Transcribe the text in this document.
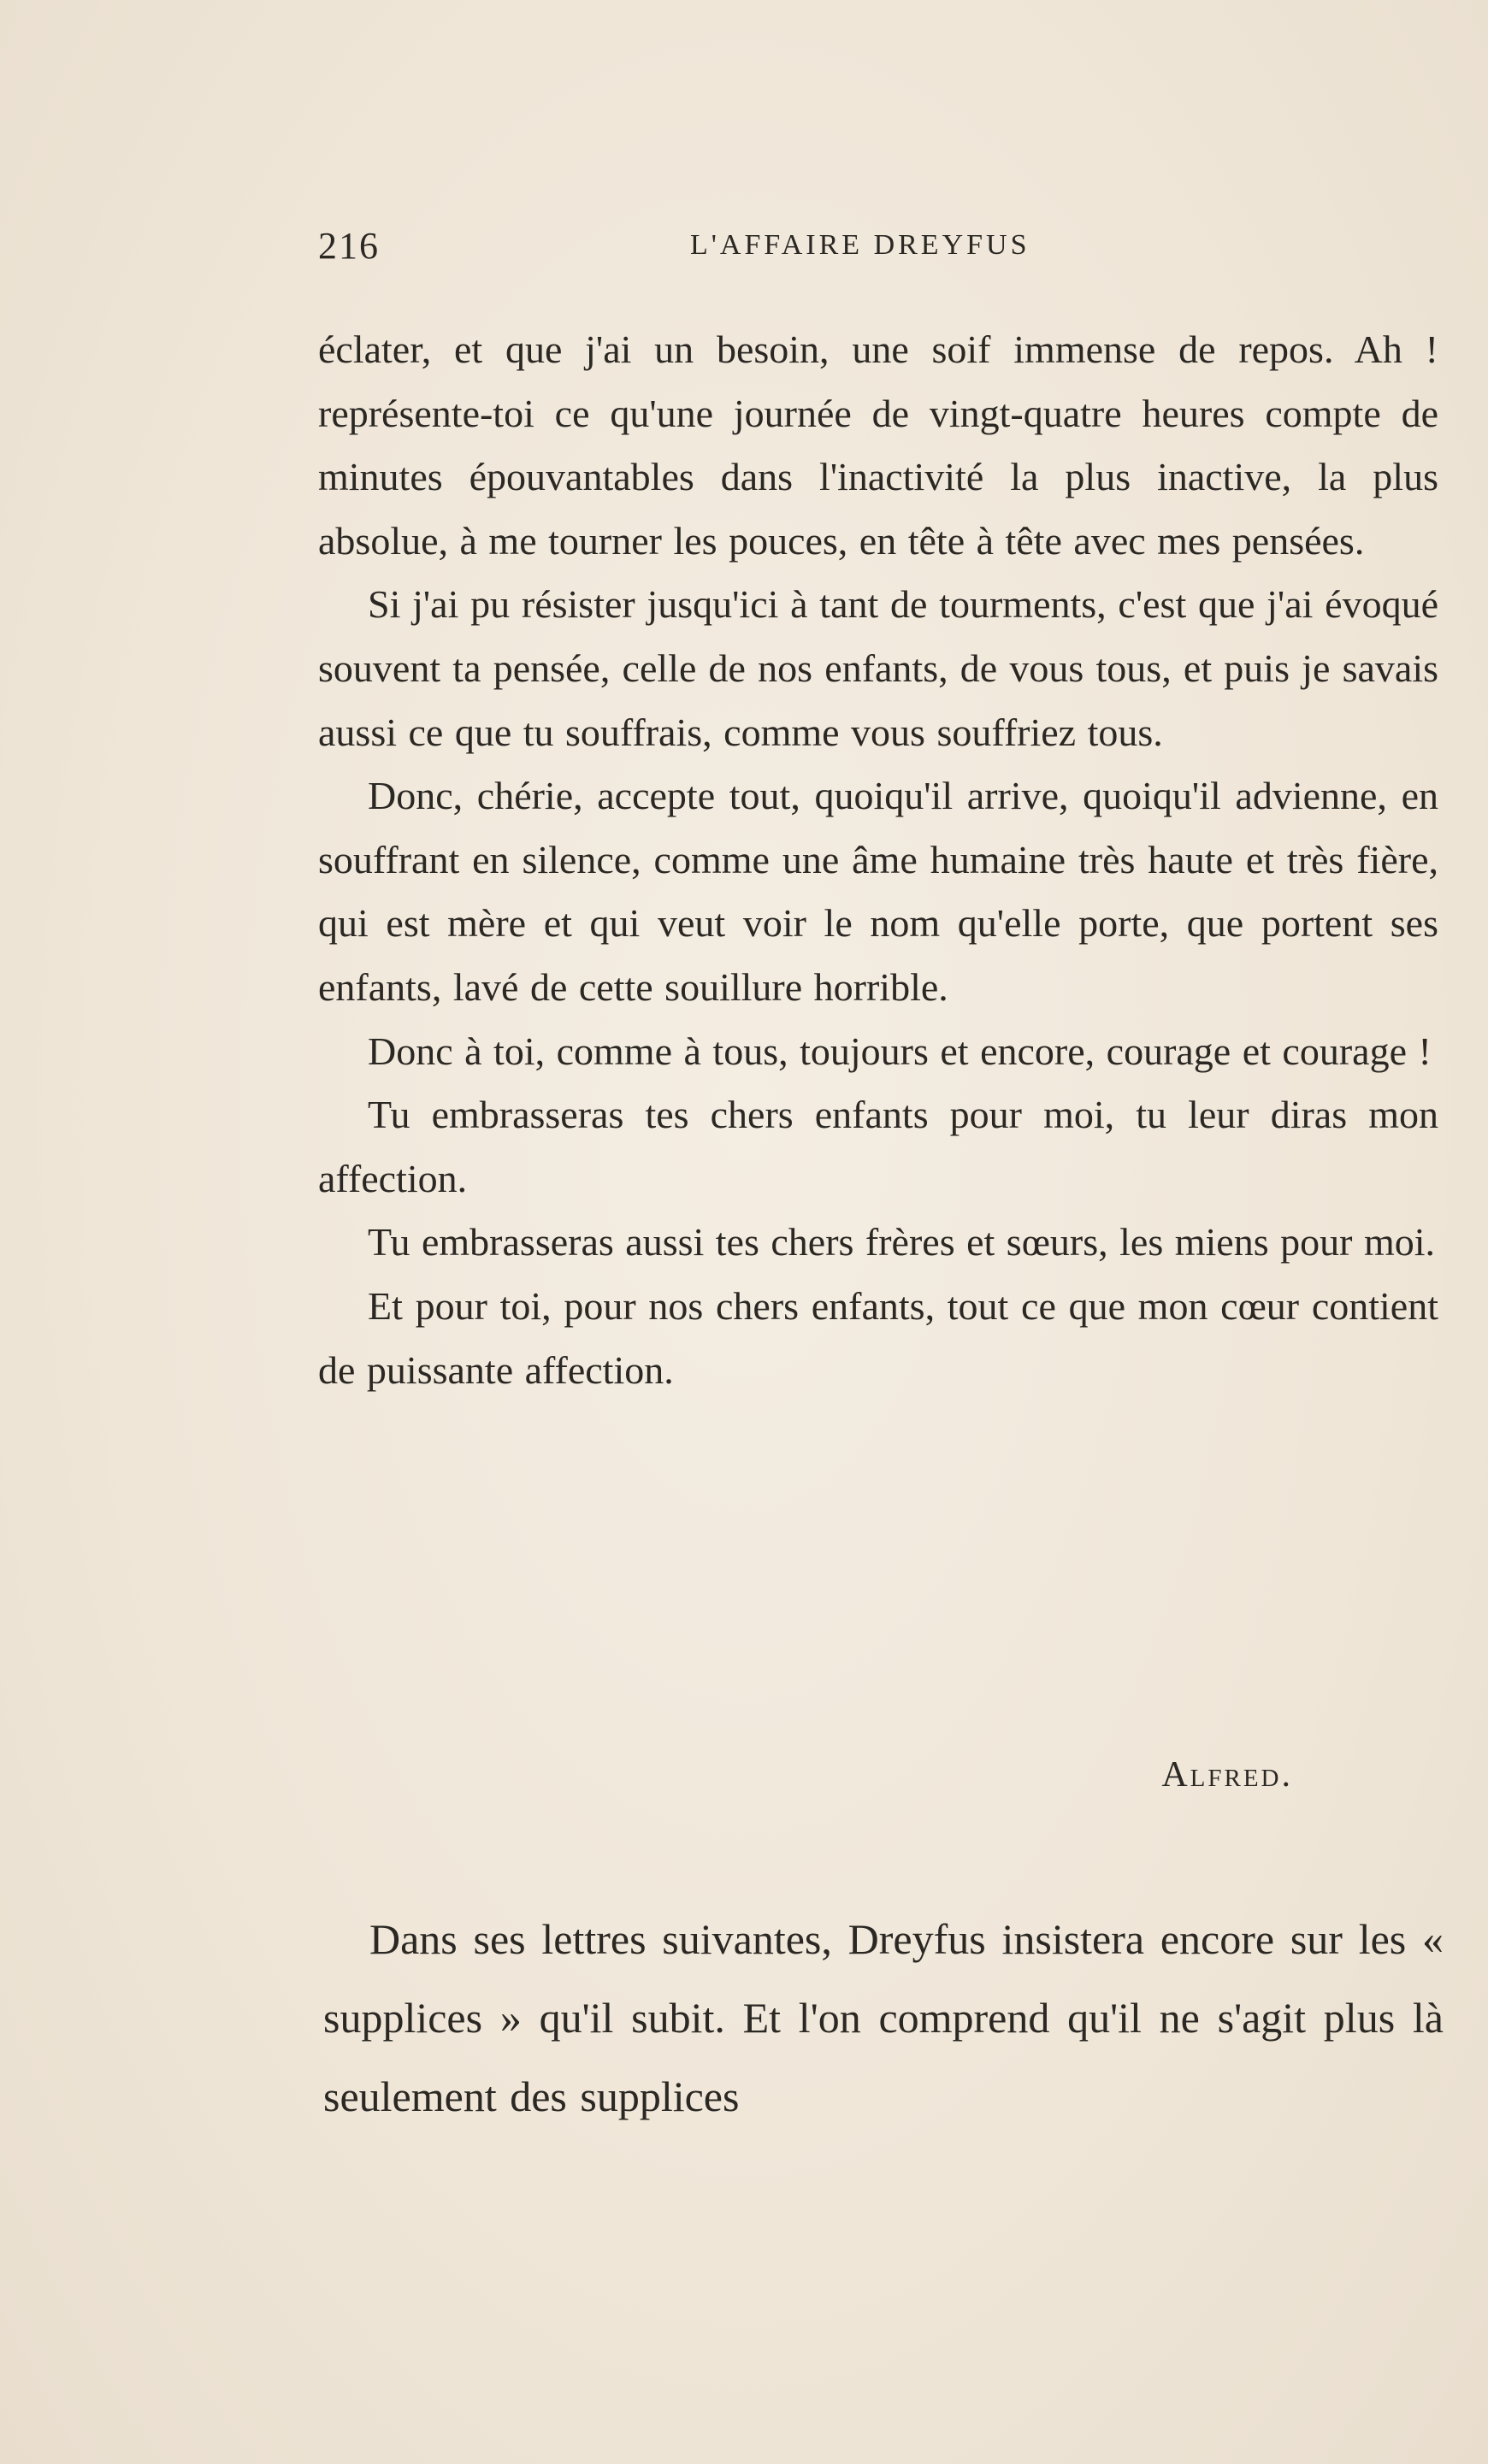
216	L'AFFAIRE DREYFUS

éclater, et que j'ai un besoin, une soif immense de repos. Ah ! représente-toi ce qu'une journée de vingt-quatre heures compte de minutes épouvantables dans l'inactivité la plus inactive, la plus absolue, à me tourner les pouces, en tête à tête avec mes pensées.

Si j'ai pu résister jusqu'ici à tant de tourments, c'est que j'ai évoqué souvent ta pensée, celle de nos enfants, de vous tous, et puis je savais aussi ce que tu souffrais, comme vous souffriez tous.

Donc, chérie, accepte tout, quoiqu'il arrive, quoiqu'il advienne, en souffrant en silence, comme une âme humaine très haute et très fière, qui est mère et qui veut voir le nom qu'elle porte, que portent ses enfants, lavé de cette souillure horrible.

Donc à toi, comme à tous, toujours et encore, courage et courage !

Tu embrasseras tes chers enfants pour moi, tu leur diras mon affection.

Tu embrasseras aussi tes chers frères et sœurs, les miens pour moi.

Et pour toi, pour nos chers enfants, tout ce que mon cœur contient de puissante affection.

Alfred.

Dans ses lettres suivantes, Dreyfus insistera encore sur les « supplices » qu'il subit. Et l'on comprend qu'il ne s'agit plus là seulement des supplices
